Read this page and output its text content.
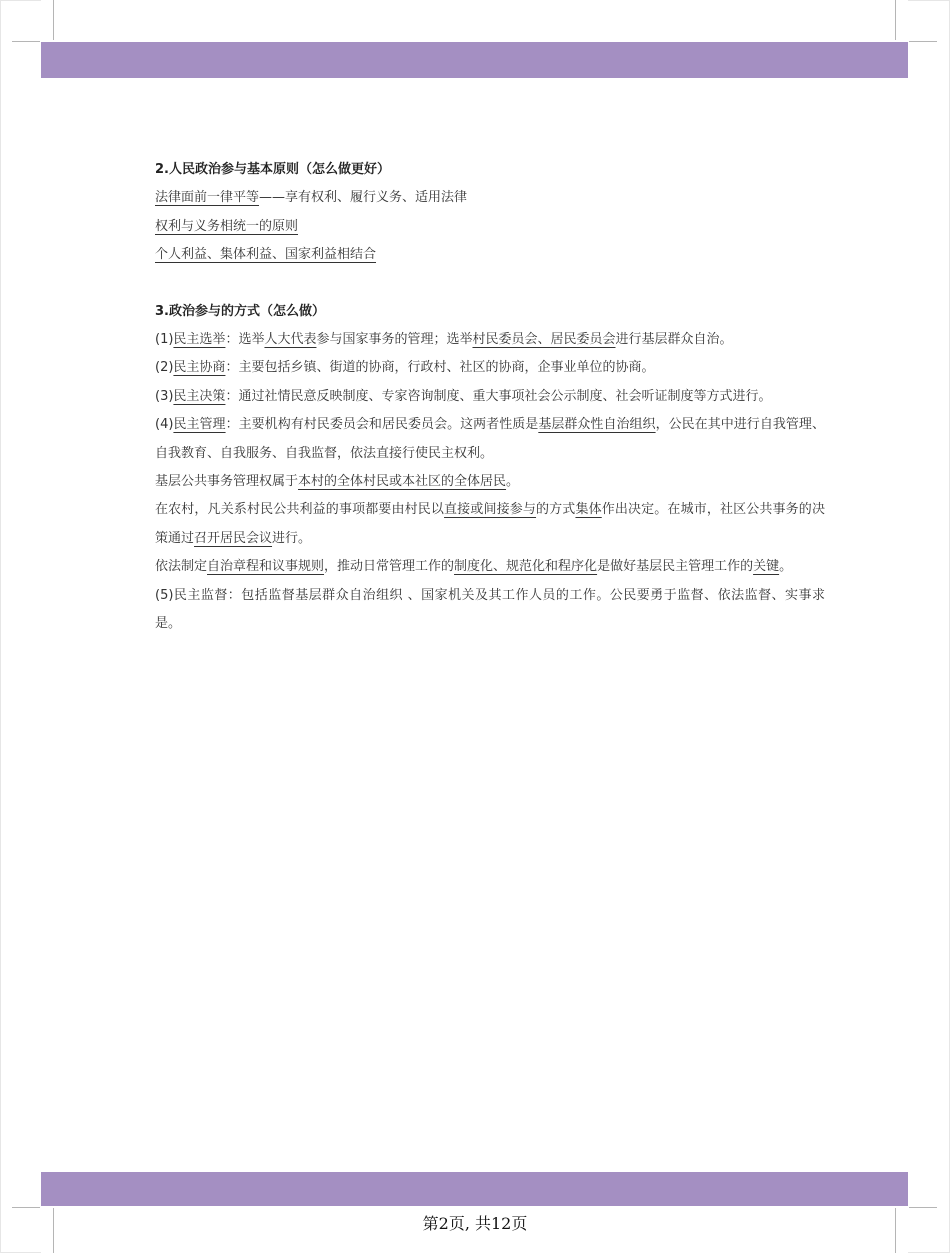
2.人民政治参与基本原则（怎么做更好）

法律面前一律平等——享有权利、履行义务、适用法律

权利与义务相统一的原则

个人利益、集体利益、国家利益相结合

3.政治参与的方式（怎么做）

(1)民主选举：选举人大代表参与国家事务的管理；选举村民委员会、居民委员会进行基层群众自治。

(2)民主协商：主要包括乡镇、街道的协商，行政村、社区的协商，企事业单位的协商。

(3)民主决策：通过社情民意反映制度、专家咨询制度、重大事项社会公示制度、社会听证制度等方式进行。

(4)民主管理：主要机构有村民委员会和居民委员会。这两者性质是基层群众性自治组织，公民在其中进行自我管理、自我教育、自我服务、自我监督，依法直接行使民主权利。

基层公共事务管理权属于本村的全体村民或本社区的全体居民。

在农村，凡关系村民公共利益的事项都要由村民以直接或间接参与的方式集体作出决定。在城市，社区公共事务的决策通过召开居民会议进行。

依法制定自治章程和议事规则，推动日常管理工作的制度化、规范化和程序化是做好基层民主管理工作的关键。

(5)民主监督：包括监督基层群众自治组织 、国家机关及其工作人员的工作。公民要勇于监督、依法监督、实事求是。

第2页, 共12页
